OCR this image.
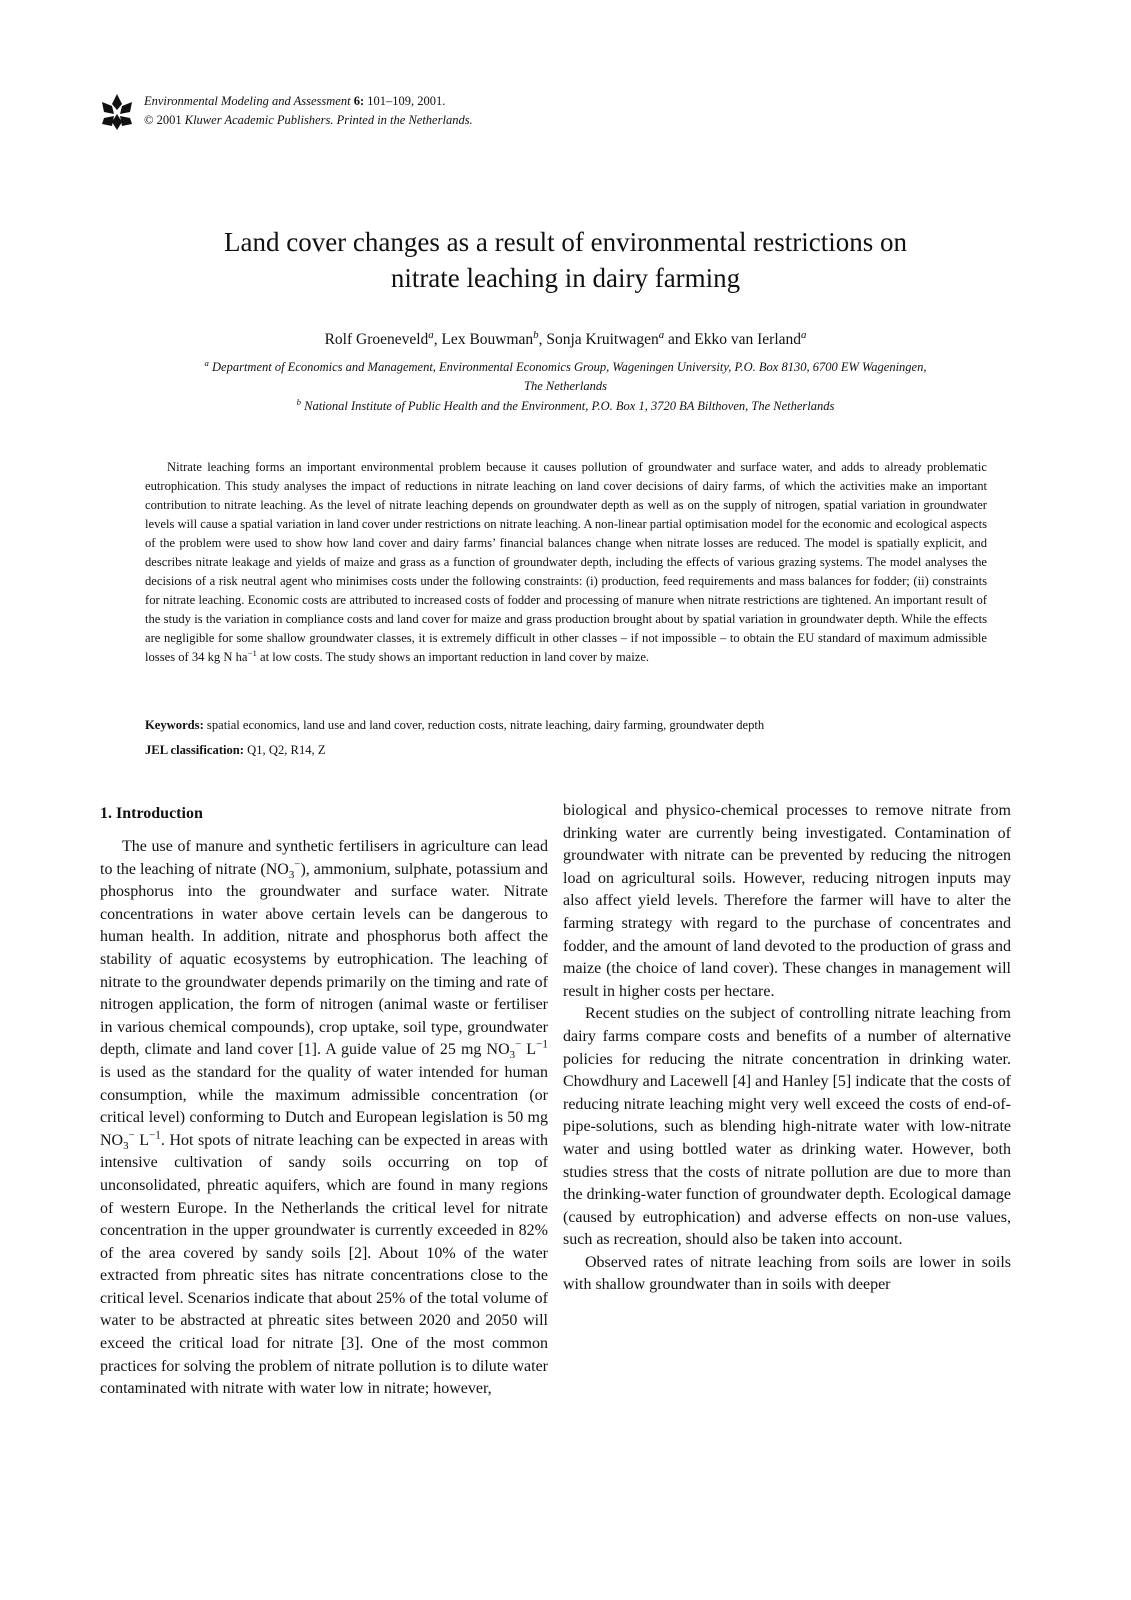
Environmental Modeling and Assessment 6: 101–109, 2001.
© 2001 Kluwer Academic Publishers. Printed in the Netherlands.
Land cover changes as a result of environmental restrictions on
nitrate leaching in dairy farming
Rolf Groeneveld$^a$, Lex Bouwman$^b$, Sonja Kruitwagen$^a$ and Ekko van Ierland$^a$
$^a$ Department of Economics and Management, Environmental Economics Group, Wageningen University, P.O. Box 8130, 6700 EW Wageningen,
The Netherlands
$^b$ National Institute of Public Health and the Environment, P.O. Box 1, 3720 BA Bilthoven, The Netherlands
Nitrate leaching forms an important environmental problem because it causes pollution of groundwater and surface water, and adds to already problematic eutrophication. This study analyses the impact of reductions in nitrate leaching on land cover decisions of dairy farms, of which the activities make an important contribution to nitrate leaching. As the level of nitrate leaching depends on groundwater depth as well as on the supply of nitrogen, spatial variation in groundwater levels will cause a spatial variation in land cover under restrictions on nitrate leaching. A non-linear partial optimisation model for the economic and ecological aspects of the problem were used to show how land cover and dairy farms’ financial balances change when nitrate losses are reduced. The model is spatially explicit, and describes nitrate leakage and yields of maize and grass as a function of groundwater depth, including the effects of various grazing systems. The model analyses the decisions of a risk neutral agent who minimises costs under the following constraints: (i) production, feed requirements and mass balances for fodder; (ii) constraints for nitrate leaching. Economic costs are attributed to increased costs of fodder and processing of manure when nitrate restrictions are tightened. An important result of the study is the variation in compliance costs and land cover for maize and grass production brought about by spatial variation in groundwater depth. While the effects are negligible for some shallow groundwater classes, it is extremely difficult in other classes – if not impossible – to obtain the EU standard of maximum admissible losses of 34 kg N $ha^{-1}$ at low costs. The study shows an important reduction in land cover by maize.
Keywords: spatial economics, land use and land cover, reduction costs, nitrate leaching, dairy farming, groundwater depth
JEL classification: Q1, Q2, R14, Z
1. Introduction

The use of manure and synthetic fertilisers in agriculture can lead to the leaching of nitrate $(NO_3^-)$, ammonium, sulphate, potassium and phosphorus into the groundwater and surface water. Nitrate concentrations in water above certain levels can be dangerous to human health. In addition, nitrate and phosphorus both affect the stability of aquatic ecosystems by eutrophication. The leaching of nitrate to the groundwater depends primarily on the timing and rate of nitrogen application, the form of nitrogen (animal waste or fertiliser in various chemical compounds), crop uptake, soil type, groundwater depth, climate and land cover [1]. A guide value of 25 mg $NO_3^-$ $L^{-1}$ is used as the standard for the quality of water intended for human consumption, while the maximum admissible concentration (or critical level) conforming to Dutch and European legislation is 50 mg $NO_3^-$ $L^{-1}$. Hot spots of nitrate leaching can be expected in areas with intensive cultivation of sandy soils occurring on top of unconsolidated, phreatic aquifers, which are found in many regions of western Europe. In the Netherlands the critical level for nitrate concentration in the upper groundwater is currently exceeded in 82% of the area covered by sandy soils [2]. About 10% of the water extracted from phreatic sites has nitrate concentrations close to the critical level. Scenarios indicate that about 25% of the total volume of water to be abstracted at phreatic sites between 2020 and 2050 will exceed the critical load for nitrate [3]. One of the most common practices for solving the problem of nitrate pollution is to dilute water contaminated with nitrate with water low in nitrate; however,

biological and physico-chemical processes to remove nitrate from drinking water are currently being investigated. Contamination of groundwater with nitrate can be prevented by reducing the nitrogen load on agricultural soils. However, reducing nitrogen inputs may also affect yield levels. Therefore the farmer will have to alter the farming strategy with regard to the purchase of concentrates and fodder, and the amount of land devoted to the production of grass and maize (the choice of land cover). These changes in management will result in higher costs per hectare.

Recent studies on the subject of controlling nitrate leaching from dairy farms compare costs and benefits of a number of alternative policies for reducing the nitrate concentration in drinking water. Chowdhury and Lacewell [4] and Hanley [5] indicate that the costs of reducing nitrate leaching might very well exceed the costs of end-of-pipe-solutions, such as blending high-nitrate water with low-nitrate water and using bottled water as drinking water. However, both studies stress that the costs of nitrate pollution are due to more than the drinking-water function of groundwater depth. Ecological damage (caused by eutrophication) and adverse effects on non-use values, such as recreation, should also be taken into account.

Observed rates of nitrate leaching from soils are lower in soils with shallow groundwater than in soils with deeper
